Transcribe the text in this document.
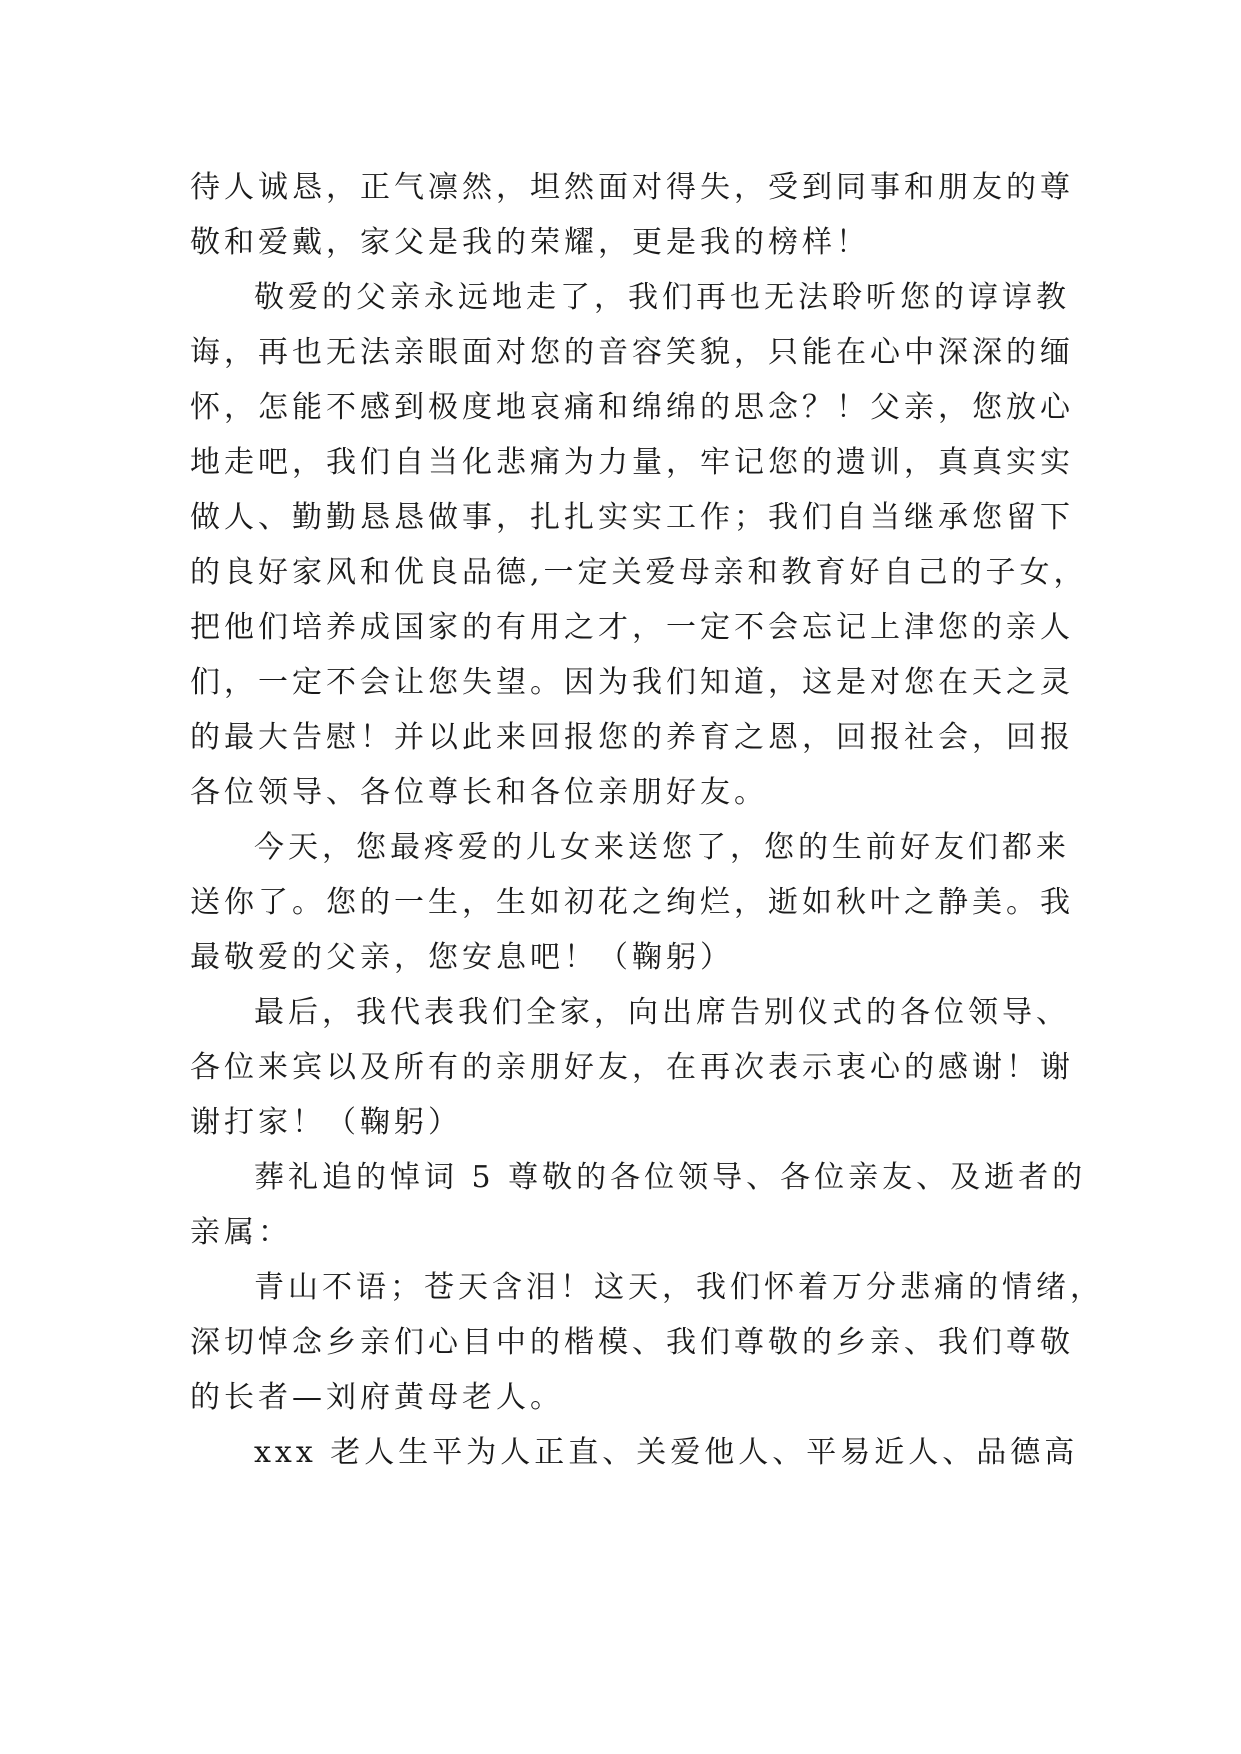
待人诚恳，正气凛然，坦然面对得失，受到同事和朋友的尊
敬和爱戴，家父是我的荣耀，更是我的榜样！
敬爱的父亲永远地走了，我们再也无法聆听您的谆谆教
诲，再也无法亲眼面对您的音容笑貌，只能在心中深深的缅
怀，怎能不感到极度地哀痛和绵绵的思念？！父亲，您放心
地走吧，我们自当化悲痛为力量，牢记您的遗训，真真实实
做人、勤勤恳恳做事，扎扎实实工作；我们自当继承您留下
的良好家风和优良品德,一定关爱母亲和教育好自己的子女，
把他们培养成国家的有用之才，一定不会忘记上津您的亲人
们，一定不会让您失望。因为我们知道，这是对您在天之灵
的最大告慰！并以此来回报您的养育之恩，回报社会，回报
各位领导、各位尊长和各位亲朋好友。
今天，您最疼爱的儿女来送您了，您的生前好友们都来
送你了。您的一生，生如初花之绚烂，逝如秋叶之静美。我
最敬爱的父亲，您安息吧！（鞠躬）
最后，我代表我们全家，向出席告别仪式的各位领导、
各位来宾以及所有的亲朋好友，在再次表示衷心的感谢！谢
谢打家！（鞠躬）
葬礼追的悼词 5 尊敬的各位领导、各位亲友、及逝者的
亲属：
青山不语；苍天含泪！这天，我们怀着万分悲痛的情绪，
深切悼念乡亲们心目中的楷模、我们尊敬的乡亲、我们尊敬
的长者—刘府黄母老人。
xxx 老人生平为人正直、关爱他人、平易近人、品德高
